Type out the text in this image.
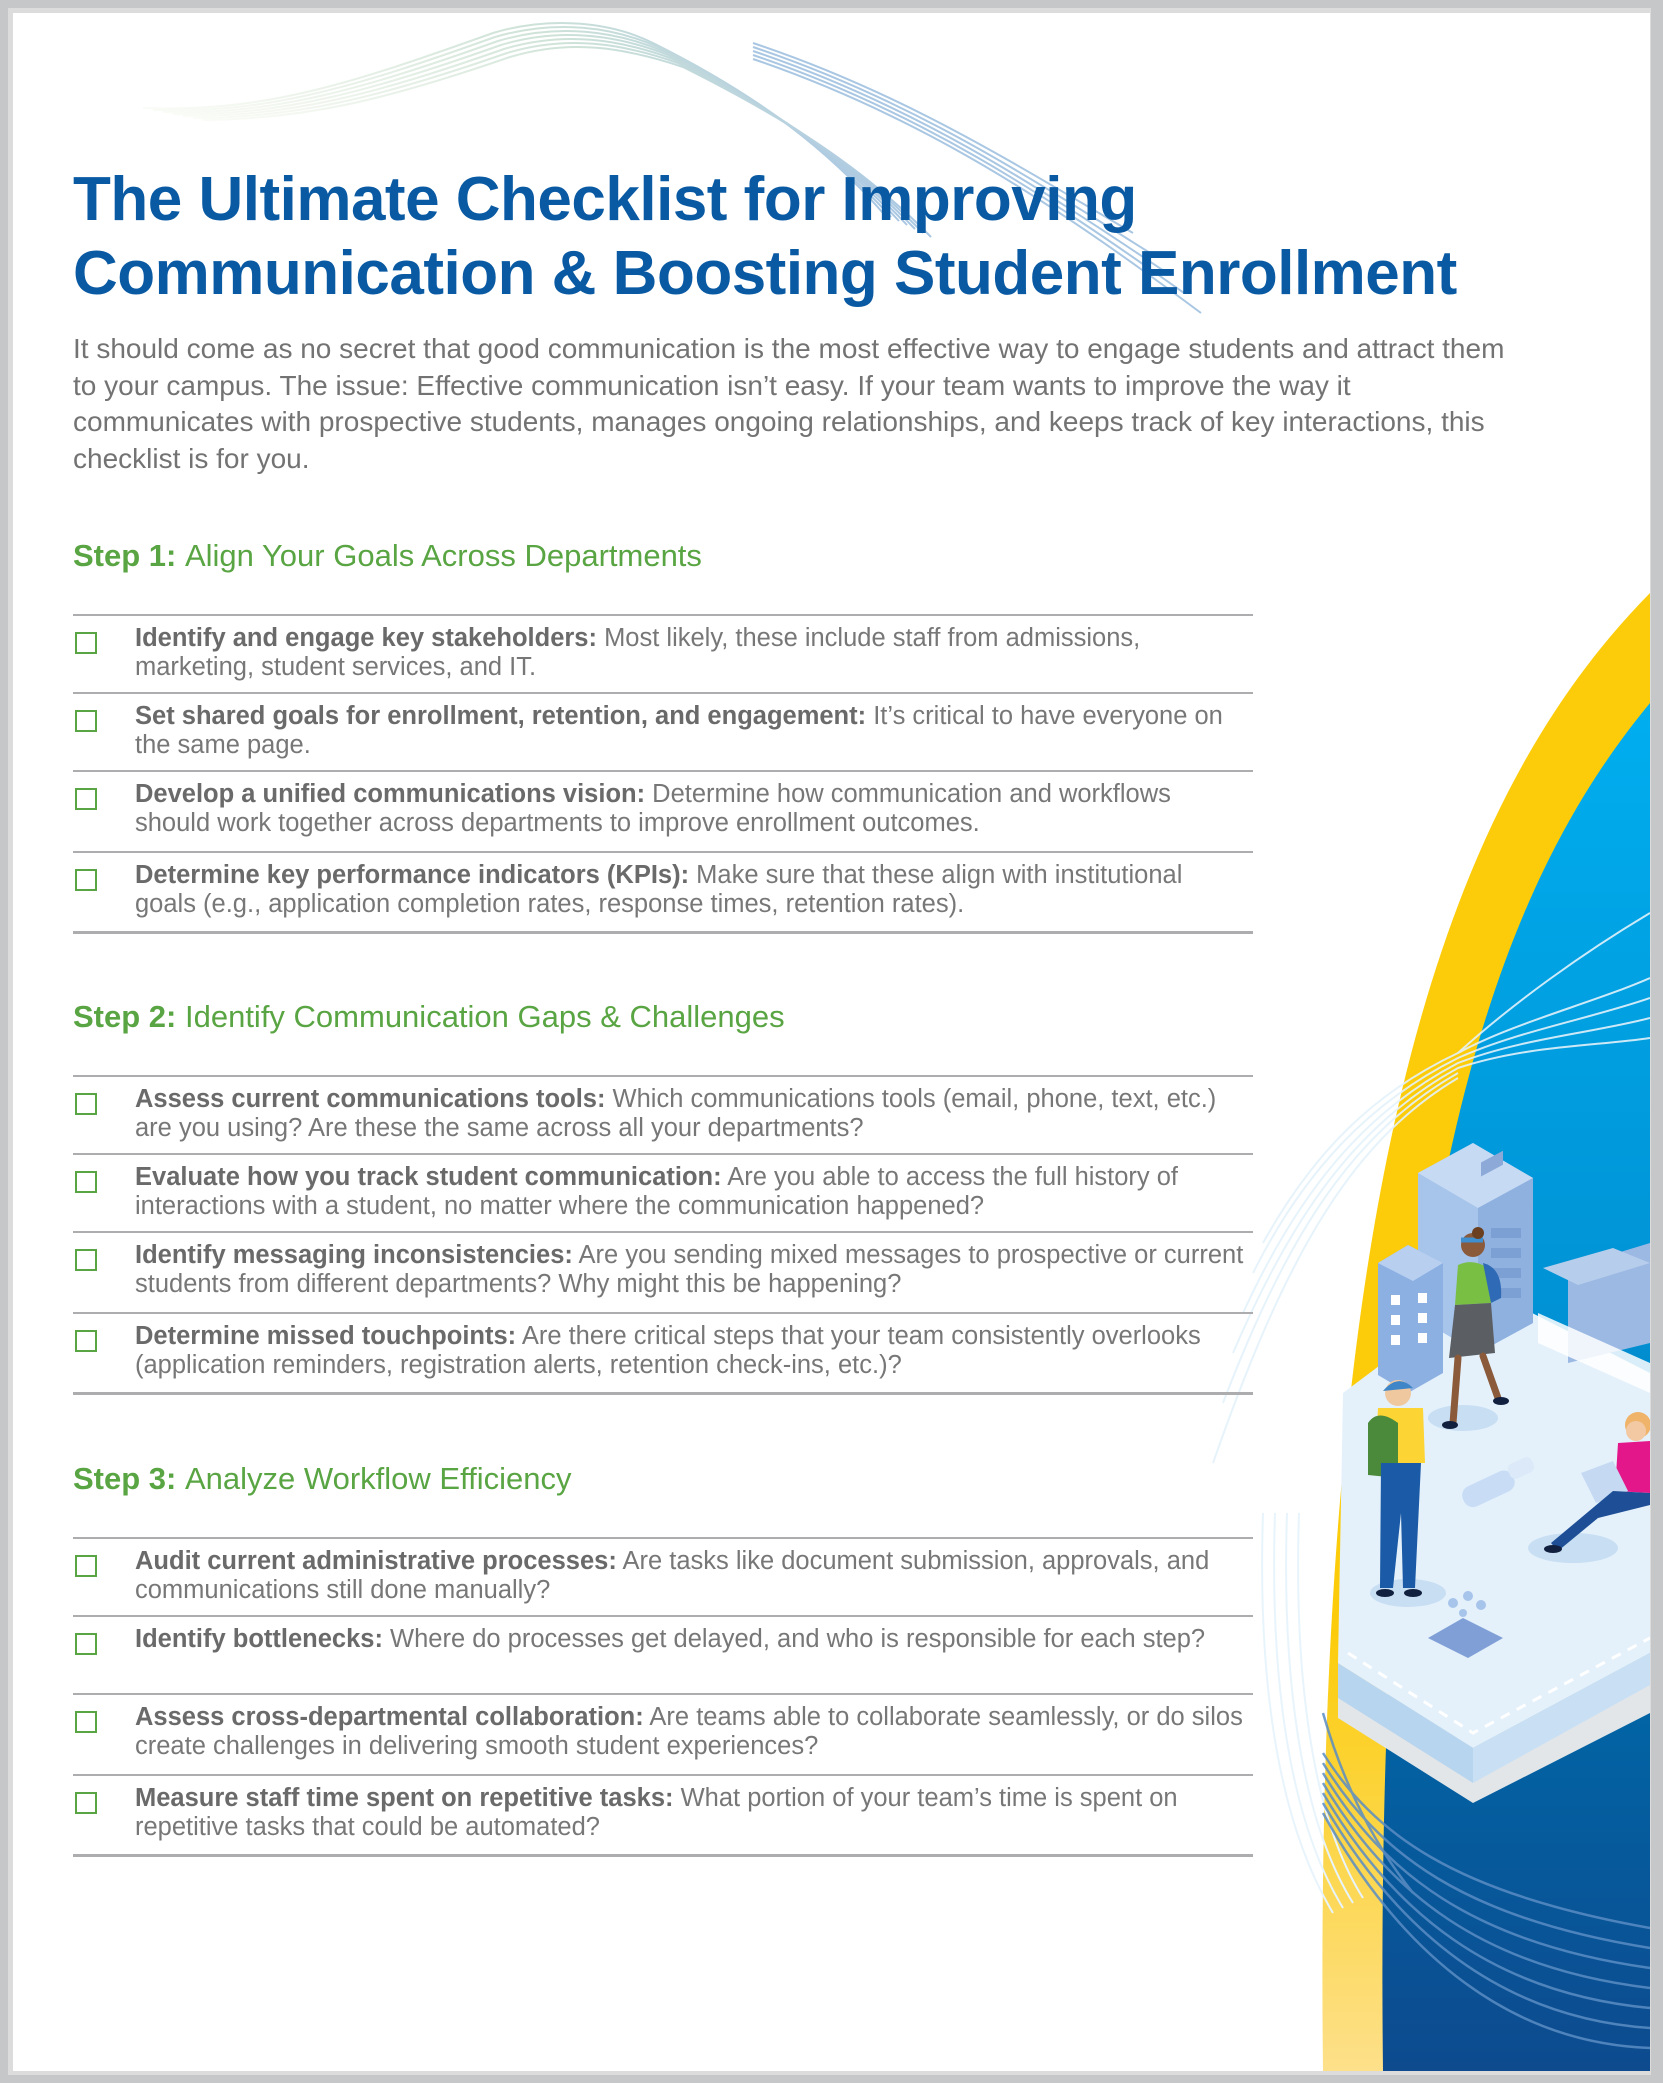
The Ultimate Checklist for Improving
Communication & Boosting Student Enrollment

It should come as no secret that good communication is the most effective way to engage students and attract them to your campus. The issue: Effective communication isn’t easy. If your team wants to improve the way it communicates with prospective students, manages ongoing relationships, and keeps track of key interactions, this checklist is for you.

Step 1: Align Your Goals Across Departments
Identify and engage key stakeholders: Most likely, these include staff from admissions, marketing, student services, and IT.
Set shared goals for enrollment, retention, and engagement: It’s critical to have everyone on the same page.
Develop a unified communications vision: Determine how communication and workflows should work together across departments to improve enrollment outcomes.
Determine key performance indicators (KPIs): Make sure that these align with institutional goals (e.g., application completion rates, response times, retention rates).
Step 2: Identify Communication Gaps & Challenges
Assess current communications tools: Which communications tools (email, phone, text, etc.) are you using? Are these the same across all your departments?
Evaluate how you track student communication: Are you able to access the full history of interactions with a student, no matter where the communication happened?
Identify messaging inconsistencies: Are you sending mixed messages to prospective or current students from different departments? Why might this be happening?
Determine missed touchpoints: Are there critical steps that your team consistently overlooks (application reminders, registration alerts, retention check-ins, etc.)?
Step 3: Analyze Workflow Efficiency
Audit current administrative processes: Are tasks like document submission, approvals, and communications still done manually?
Identify bottlenecks: Where do processes get delayed, and who is responsible for each step?
Assess cross-departmental collaboration: Are teams able to collaborate seamlessly, or do silos create challenges in delivering smooth student experiences?
Measure staff time spent on repetitive tasks: What portion of your team’s time is spent on repetitive tasks that could be automated?
